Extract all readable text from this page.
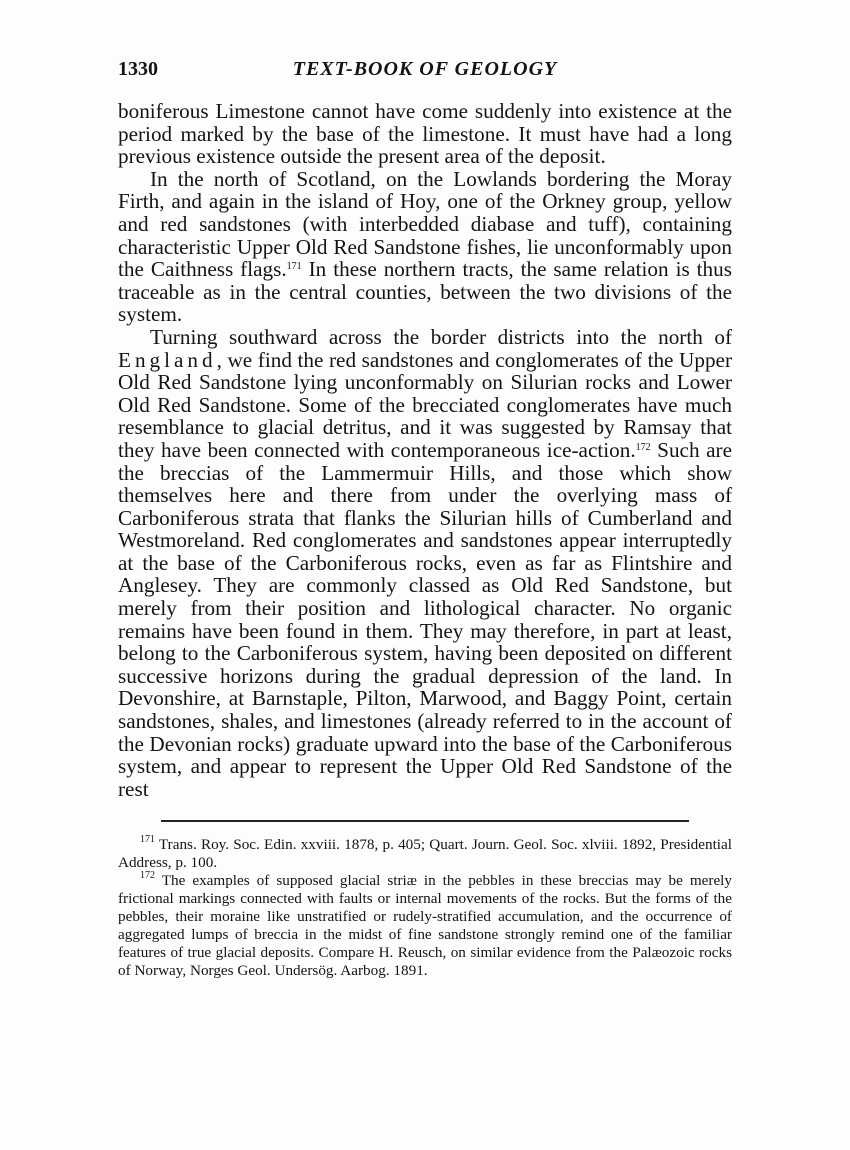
1330	TEXT-BOOK OF GEOLOGY

boniferous Limestone cannot have come suddenly into existence at the period marked by the base of the limestone. It must have had a long previous existence outside the present area of the deposit.

In the north of Scotland, on the Lowlands bordering the Moray Firth, and again in the island of Hoy, one of the Orkney group, yellow and red sandstones (with interbedded diabase and tuff), containing characteristic Upper Old Red Sandstone fishes, lie unconformably upon the Caithness flags.$^{171}$ In these northern tracts, the same relation is thus traceable as in the central counties, between the two divisions of the system.

Turning southward across the border districts into the north of England, we find the red sandstones and conglomerates of the Upper Old Red Sandstone lying unconformably on Silurian rocks and Lower Old Red Sandstone. Some of the brecciated conglomerates have much resemblance to glacial detritus, and it was suggested by Ramsay that they have been connected with contemporaneous ice-action.$^{172}$ Such are the breccias of the Lammermuir Hills, and those which show themselves here and there from under the overlying mass of Carboniferous strata that flanks the Silurian hills of Cumberland and Westmoreland. Red conglomerates and sandstones appear interruptedly at the base of the Carboniferous rocks, even as far as Flintshire and Anglesey. They are commonly classed as Old Red Sandstone, but merely from their position and lithological character. No organic remains have been found in them. They may therefore, in part at least, belong to the Carboniferous system, having been deposited on different successive horizons during the gradual depression of the land. In Devonshire, at Barnstaple, Pilton, Marwood, and Baggy Point, certain sandstones, shales, and limestones (already referred to in the account of the Devonian rocks) graduate upward into the base of the Carboniferous system, and appear to represent the Upper Old Red Sandstone of the rest

$^{171}$ Trans. Roy. Soc. Edin. xxviii. 1878, p. 405; Quart. Journ. Geol. Soc. xlviii. 1892, Presidential Address, p. 100.

$^{172}$ The examples of supposed glacial striæ in the pebbles in these breccias may be merely frictional markings connected with faults or internal movements of the rocks. But the forms of the pebbles, their moraine like unstratified or rudely-stratified accumulation, and the occurrence of aggregated lumps of breccia in the midst of fine sandstone strongly remind one of the familiar features of true glacial deposits. Compare H. Reusch, on similar evidence from the Palæozoic rocks of Norway, Norges Geol. Undersög. Aarbog. 1891.
